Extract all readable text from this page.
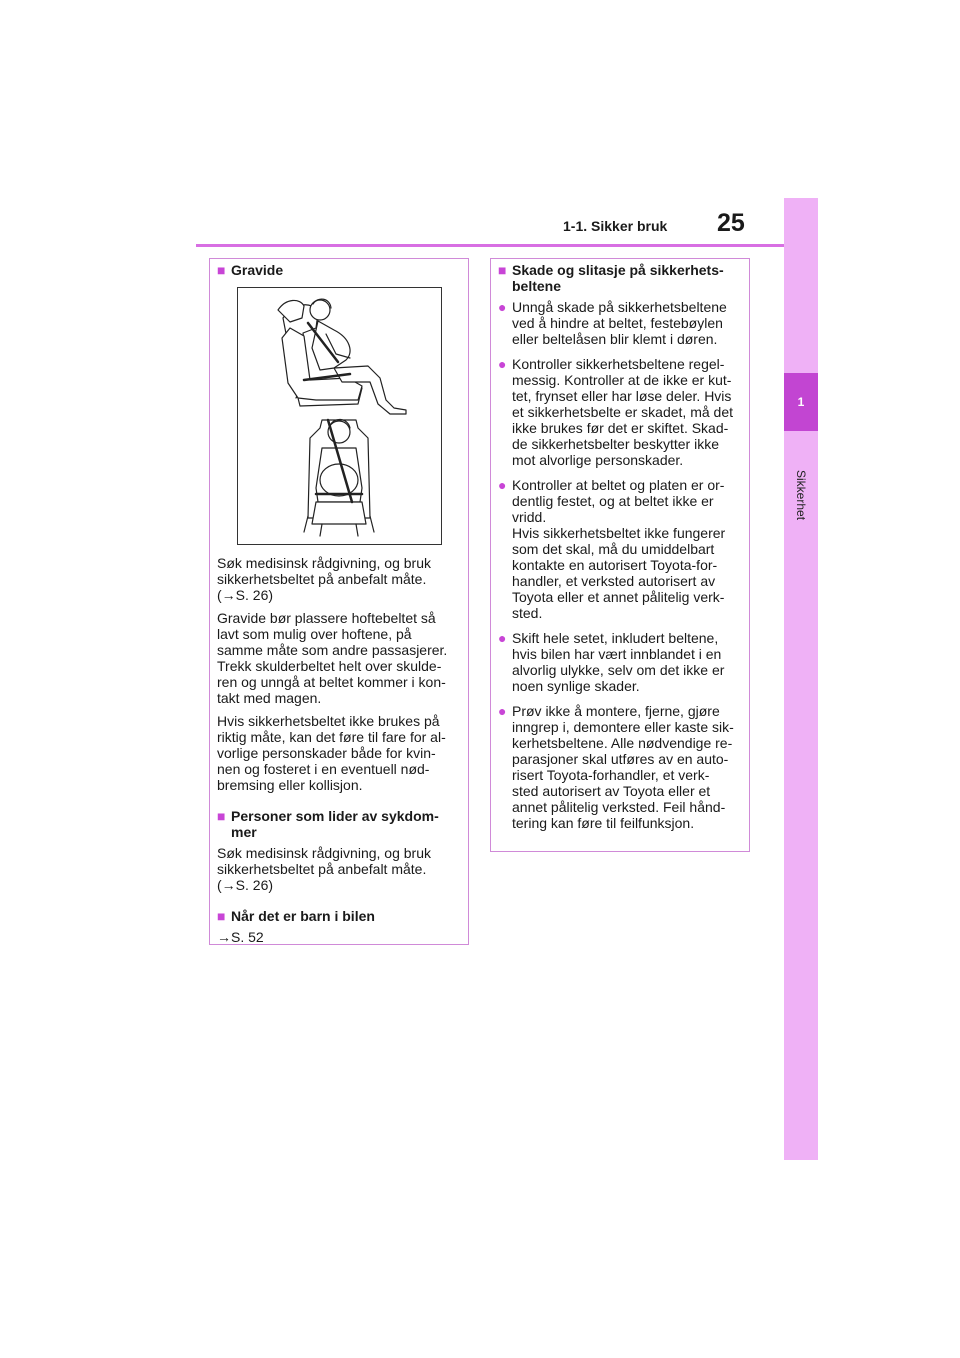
1-1. Sikker bruk 25
1
Sikkerhet
■ Gravide

Søk medisinsk rådgivning, og bruk
sikkerhetsbeltet på anbefalt måte.
(→S. 26)

Gravide bør plassere hoftebeltet så
lavt som mulig over hoftene, på
samme måte som andre passasjerer.
Trekk skulderbeltet helt over skulde-
ren og unngå at beltet kommer i kon-
takt med magen.

Hvis sikkerhetsbeltet ikke brukes på
riktig måte, kan det føre til fare for al-
vorlige personskader både for kvin-
nen og fosteret i en eventuell nød-
bremsing eller kollisjon.

■ Personer som lider av sykdom-
mer

Søk medisinsk rådgivning, og bruk
sikkerhetsbeltet på anbefalt måte.
(→S. 26)

■ Når det er barn i bilen

→S. 52

■ Skade og slitasje på sikkerhets-
beltene
● Unngå skade på sikkerhetsbeltene
ved å hindre at beltet, festebøylen
eller beltelåsen blir klemt i døren.

● Kontroller sikkerhetsbeltene regel-
messig. Kontroller at de ikke er kut-
tet, frynset eller har løse deler. Hvis
et sikkerhetsbelte er skadet, må det
ikke brukes før det er skiftet. Skad-
de sikkerhetsbelter beskytter ikke
mot alvorlige personskader.

● Kontroller at beltet og platen er or-
dentlig festet, og at beltet ikke er
vridd.
Hvis sikkerhetsbeltet ikke fungerer
som det skal, må du umiddelbart
kontakte en autorisert Toyota-for-
handler, et verksted autorisert av
Toyota eller et annet pålitelig verk-
sted.

● Skift hele setet, inkludert beltene,
hvis bilen har vært innblandet i en
alvorlig ulykke, selv om det ikke er
noen synlige skader.

● Prøv ikke å montere, fjerne, gjøre
inngrep i, demontere eller kaste sik-
kerhetsbeltene. Alle nødvendige re-
parasjoner skal utføres av en auto-
risert Toyota-forhandler, et verk-
sted autorisert av Toyota eller et
annet pålitelig verksted. Feil hånd-
tering kan føre til feilfunksjon.
